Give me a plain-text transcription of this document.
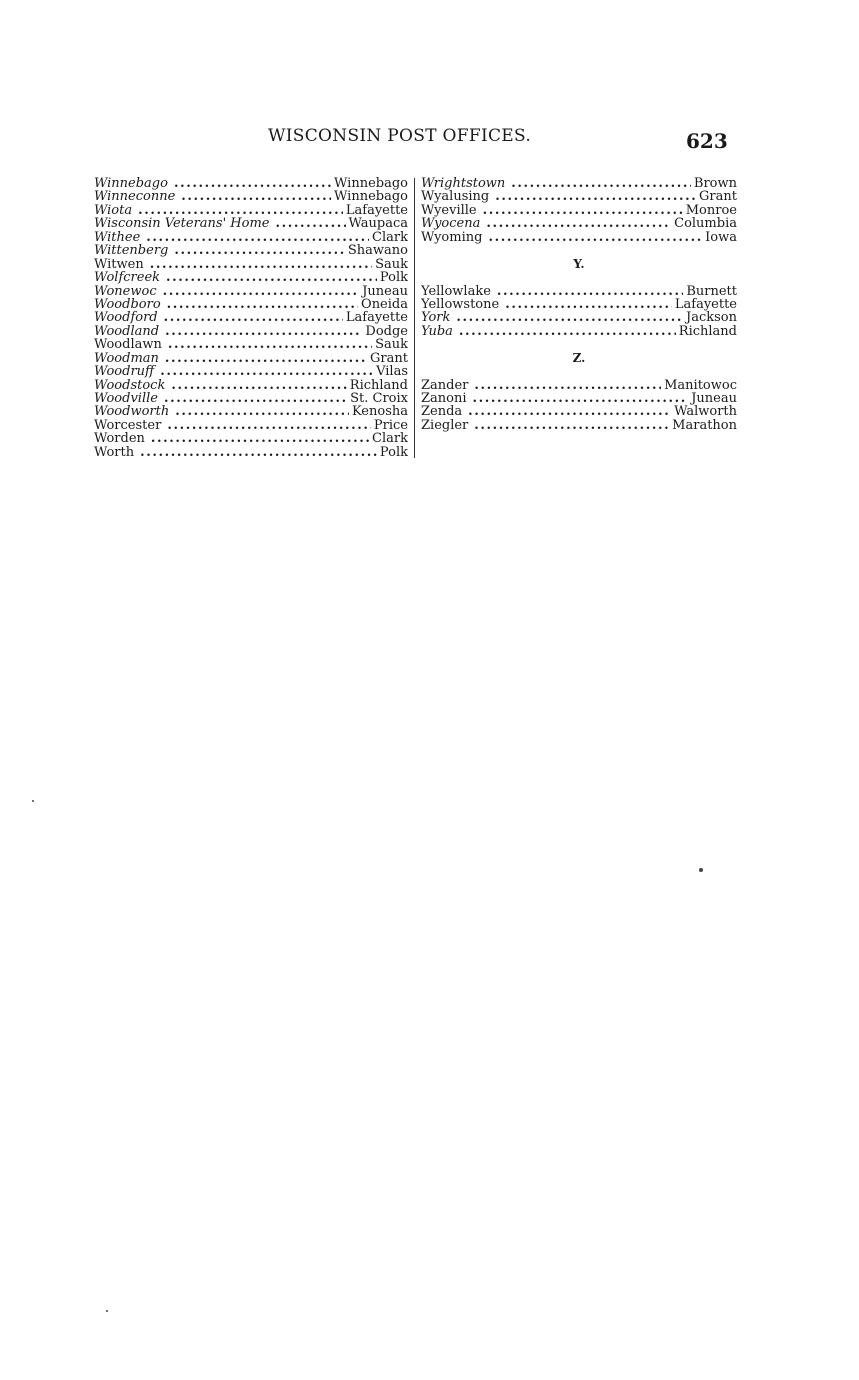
WISCONSIN POST OFFICES.	623
Winnebago .....	Winnebago
Winneconne .....	Winnebago
Wiota .....	Lafayette
Wisconsin Veterans' Home .....	Waupaca
Withee .....	Clark
Wittenberg .....	Shawano
Witwen .....	Sauk
Wolfcreek .....	Polk
Wonewoc .....	Juneau
Woodboro .....	Oneida
Woodford .....	Lafayette
Woodland .....	Dodge
Woodlawn .....	Sauk
Woodman .....	Grant
Woodruff .....	Vilas
Woodstock .....	Richland
Woodville .....	St. Croix
Woodworth .....	Kenosha
Worcester .....	Price
Worden .....	Clark
Worth .....	Polk
Wrightstown .....	Brown
Wyalusing .....	Grant
Wyeville .....	Monroe
Wyocena .....	Columbia
Wyoming .....	Iowa
Y.
Yellowlake .....	Burnett
Yellowstone .....	Lafayette
York .....	Jackson
Yuba .....	Richland
Z.
Zander .....	Manitowoc
Zanoni .....	Juneau
Zenda .....	Walworth
Ziegler .....	Marathon
